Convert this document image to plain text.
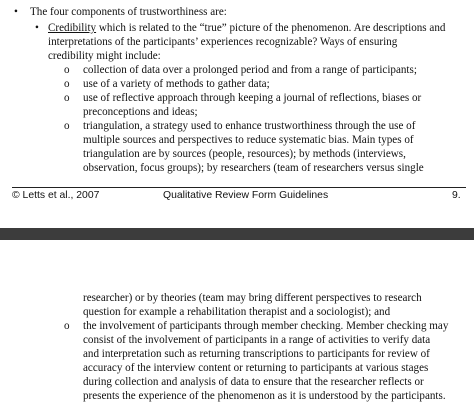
• The four components of trustworthiness are:
• Credibility which is related to the “true” picture of the phenomenon. Are descriptions and
interpretations of the participants’ experiences recognizable? Ways of ensuring
credibility might include:
o collection of data over a prolonged period and from a range of participants;
o use of a variety of methods to gather data;
o use of reflective approach through keeping a journal of reflections, biases or
preconceptions and ideas;
o triangulation, a strategy used to enhance trustworthiness through the use of
multiple sources and perspectives to reduce systematic bias. Main types of
triangulation are by sources (people, resources); by methods (interviews,
observation, focus groups); by researchers (team of researchers versus single
© Letts et al., 2007	Qualitative Review Form Guidelines	9.
researcher) or by theories (team may bring different perspectives to research
question for example a rehabilitation therapist and a sociologist); and
o the involvement of participants through member checking. Member checking may
consist of the involvement of participants in a range of activities to verify data
and interpretation such as returning transcriptions to participants for review of
accuracy of the interview content or returning to participants at various stages
during collection and analysis of data to ensure that the researcher reflects or
presents the experience of the phenomenon as it is understood by the participants.
